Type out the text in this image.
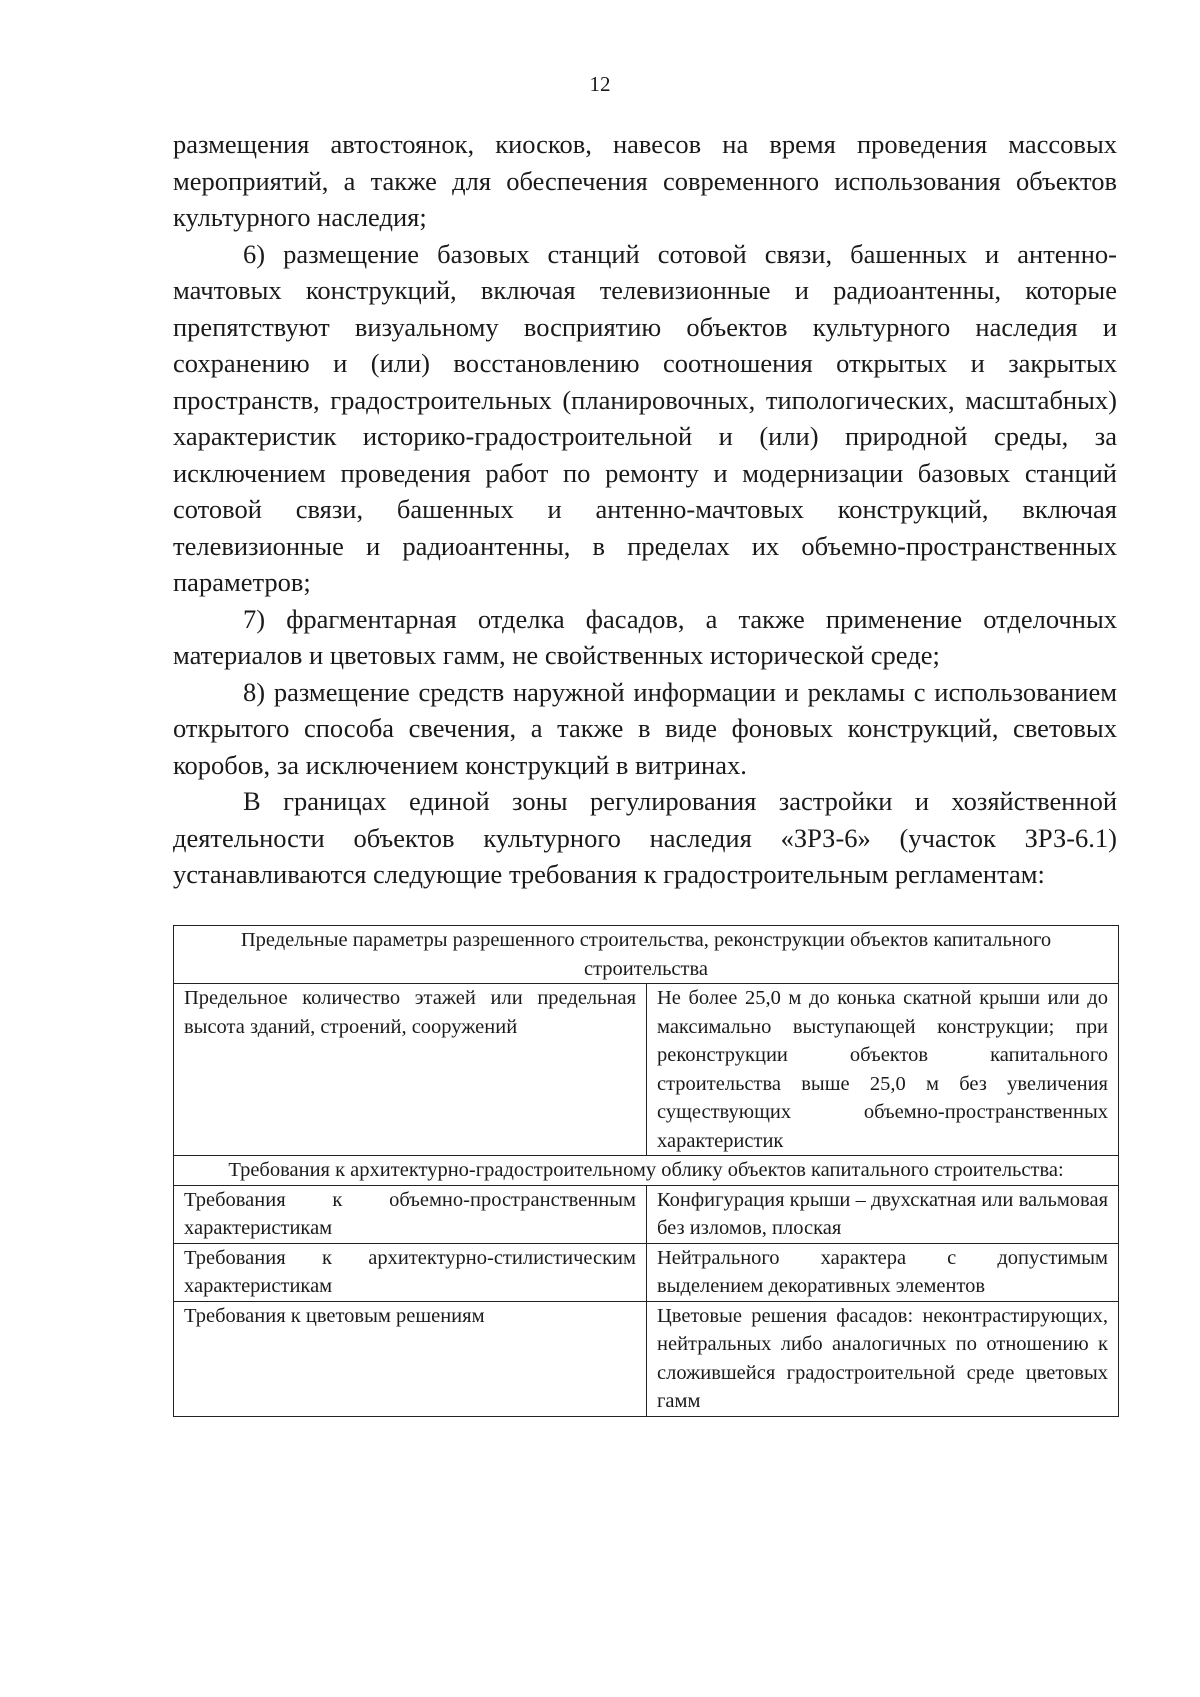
12

размещения автостоянок, киосков, навесов на время проведения массовых мероприятий, а также для обеспечения современного использования объектов культурного наследия;

6) размещение базовых станций сотовой связи, башенных и антенно-мачтовых конструкций, включая телевизионные и радиоантенны, которые препятствуют визуальному восприятию объектов культурного наследия и сохранению и (или) восстановлению соотношения открытых и закрытых пространств, градостроительных (планировочных, типологических, масштабных) характеристик историко-градостроительной и (или) природной среды, за исключением проведения работ по ремонту и модернизации базовых станций сотовой связи, башенных и антенно-мачтовых конструкций, включая телевизионные и радиоантенны, в пределах их объемно-пространственных параметров;

7) фрагментарная отделка фасадов, а также применение отделочных материалов и цветовых гамм, не свойственных исторической среде;

8) размещение средств наружной информации и рекламы с использованием открытого способа свечения, а также в виде фоновых конструкций, световых коробов, за исключением конструкций в витринах.

В границах единой зоны регулирования застройки и хозяйственной деятельности объектов культурного наследия «ЗРЗ-6» (участок ЗРЗ-6.1) устанавливаются следующие требования к градостроительным регламентам:

Предельные параметры разрешенного строительства, реконструкции объектов капитального строительства	
Предельное количество этажей или предельная высота зданий, строений, сооружений	Не более 25,0 м до конька скатной крыши или до максимально выступающей конструкции; при реконструкции объектов капитального строительства выше 25,0 м без увеличения существующих объемно-пространственных характеристик
Требования к архитектурно-градостроительному облику объектов капитального строительства:	
Требования к объемно-пространственным характеристикам	Конфигурация крыши – двухскатная или вальмовая без изломов, плоская
Требования к архитектурно-стилистическим характеристикам	Нейтрального характера с допустимым выделением декоративных элементов
Требования к цветовым решениям	Цветовые решения фасадов: неконтрастирующих, нейтральных либо аналогичных по отношению к сложившейся градостроительной среде цветовых гамм
